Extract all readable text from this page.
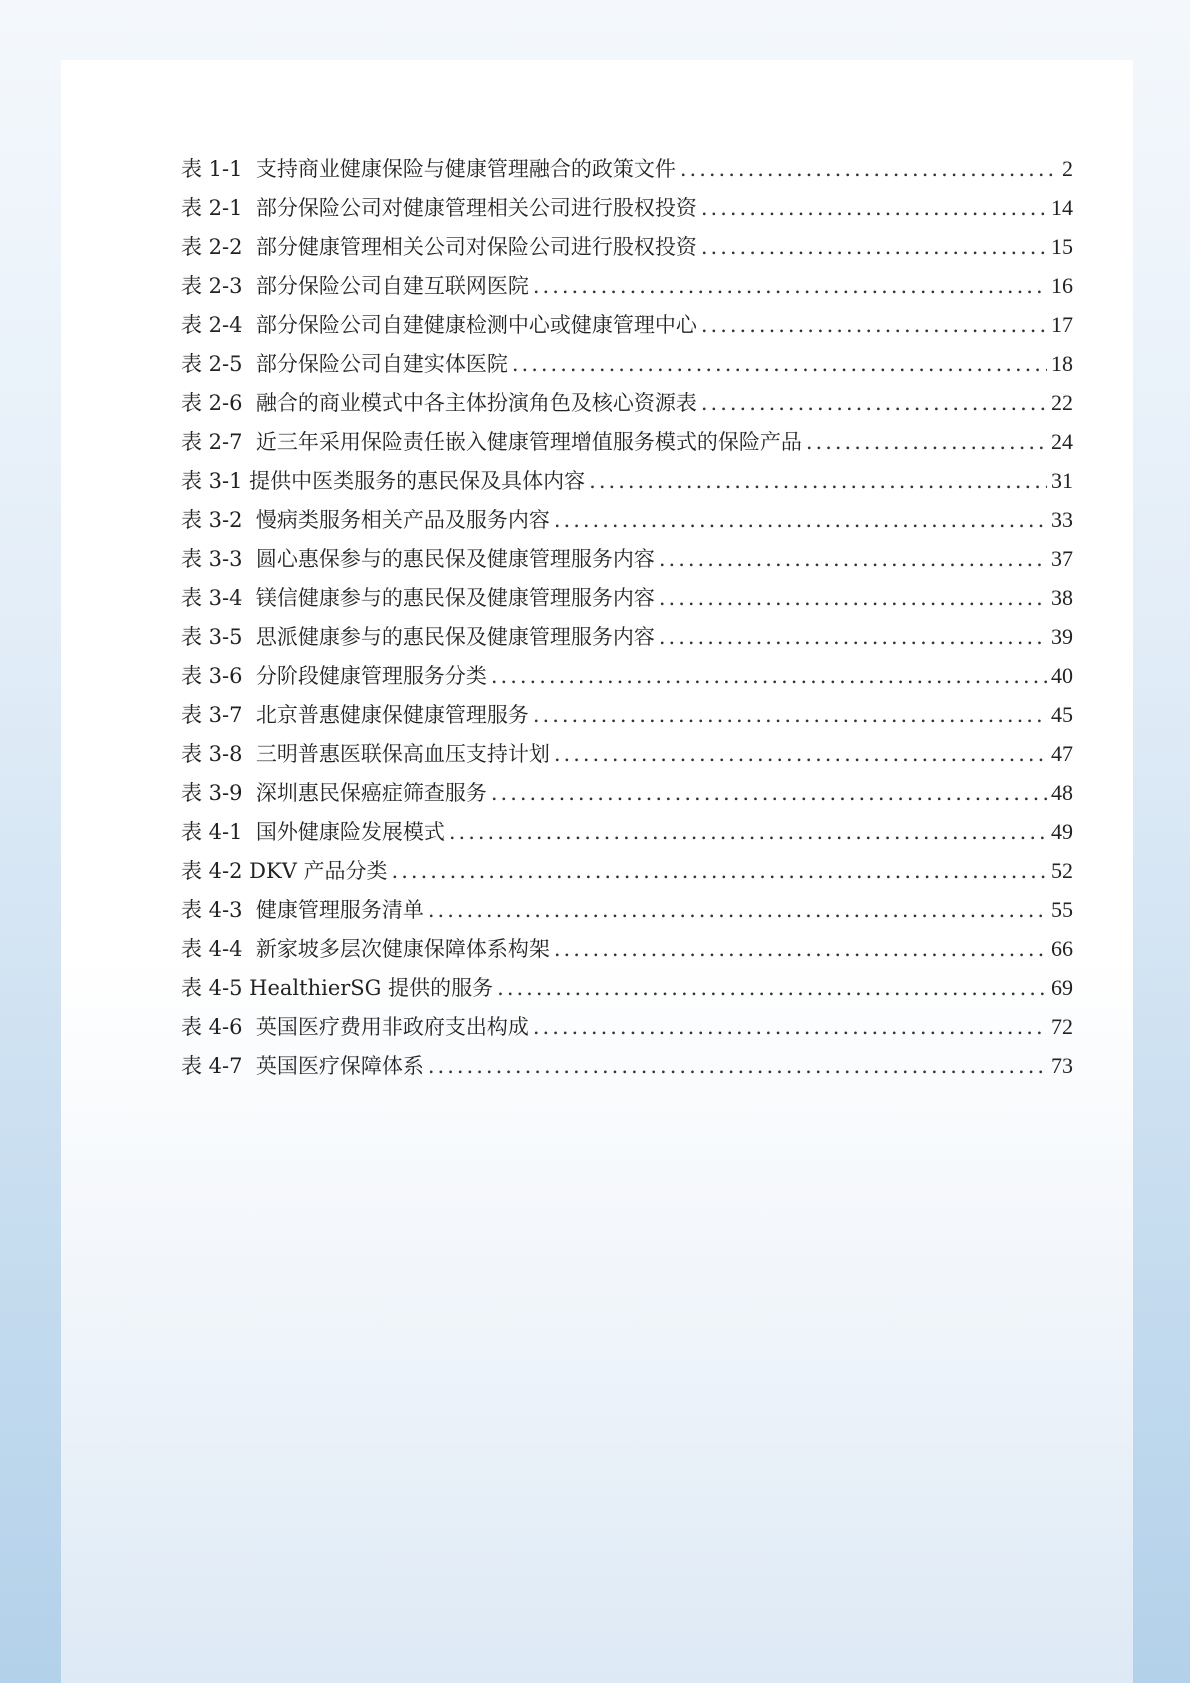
表 1-1  支持商业健康保险与健康管理融合的政策文件 .....	2
表 2-1  部分保险公司对健康管理相关公司进行股权投资 .....	14
表 2-2  部分健康管理相关公司对保险公司进行股权投资 .....	15
表 2-3  部分保险公司自建互联网医院 .....	16
表 2-4  部分保险公司自建健康检测中心或健康管理中心 .....	17
表 2-5  部分保险公司自建实体医院 .....	18
表 2-6  融合的商业模式中各主体扮演角色及核心资源表 .....	22
表 2-7  近三年采用保险责任嵌入健康管理增值服务模式的保险产品 .....	24
表 3-1 提供中医类服务的惠民保及具体内容 .....	31
表 3-2  慢病类服务相关产品及服务内容 .....	33
表 3-3  圆心惠保参与的惠民保及健康管理服务内容 .....	37
表 3-4  镁信健康参与的惠民保及健康管理服务内容 .....	38
表 3-5  思派健康参与的惠民保及健康管理服务内容 .....	39
表 3-6  分阶段健康管理服务分类 .....	40
表 3-7  北京普惠健康保健康管理服务 .....	45
表 3-8  三明普惠医联保高血压支持计划 .....	47
表 3-9  深圳惠民保癌症筛查服务 .....	48
表 4-1  国外健康险发展模式 .....	49
表 4-2 DKV 产品分类 .....	52
表 4-3  健康管理服务清单 .....	55
表 4-4  新家坡多层次健康保障体系构架 .....	66
表 4-5 HealthierSG 提供的服务 .....	69
表 4-6  英国医疗费用非政府支出构成 .....	72
表 4-7  英国医疗保障体系 .....	73
